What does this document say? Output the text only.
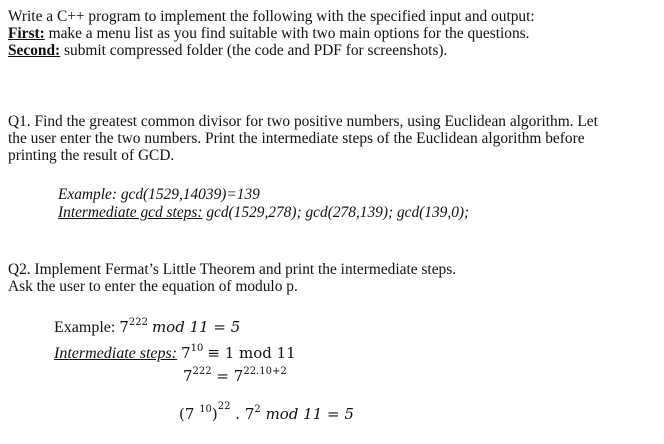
Write a C++ program to implement the following with the specified input and output:
First: make a menu list as you find suitable with two main options for the questions.
Second: submit compressed folder (the code and PDF for screenshots).
Q1. Find the greatest common divisor for two positive numbers, using Euclidean algorithm. Let
the user enter the two numbers. Print the intermediate steps of the Euclidean algorithm before
printing the result of GCD.
Example: gcd(1529,14039)=139
Intermediate gcd steps: gcd(1529,278); gcd(278,139); gcd(139,0);
Q2. Implement Fermat’s Little Theorem and print the intermediate steps.
Ask the user to enter the equation of modulo p.
Example: $7^{222}$ mod 11 = 5
Intermediate steps: $7^{10} \equiv 1$ mod 11
$7^{222} = 7^{22.10+2}$
(7 $^{10}$)$^{22}$ . $7^2$ mod 11 = 5
